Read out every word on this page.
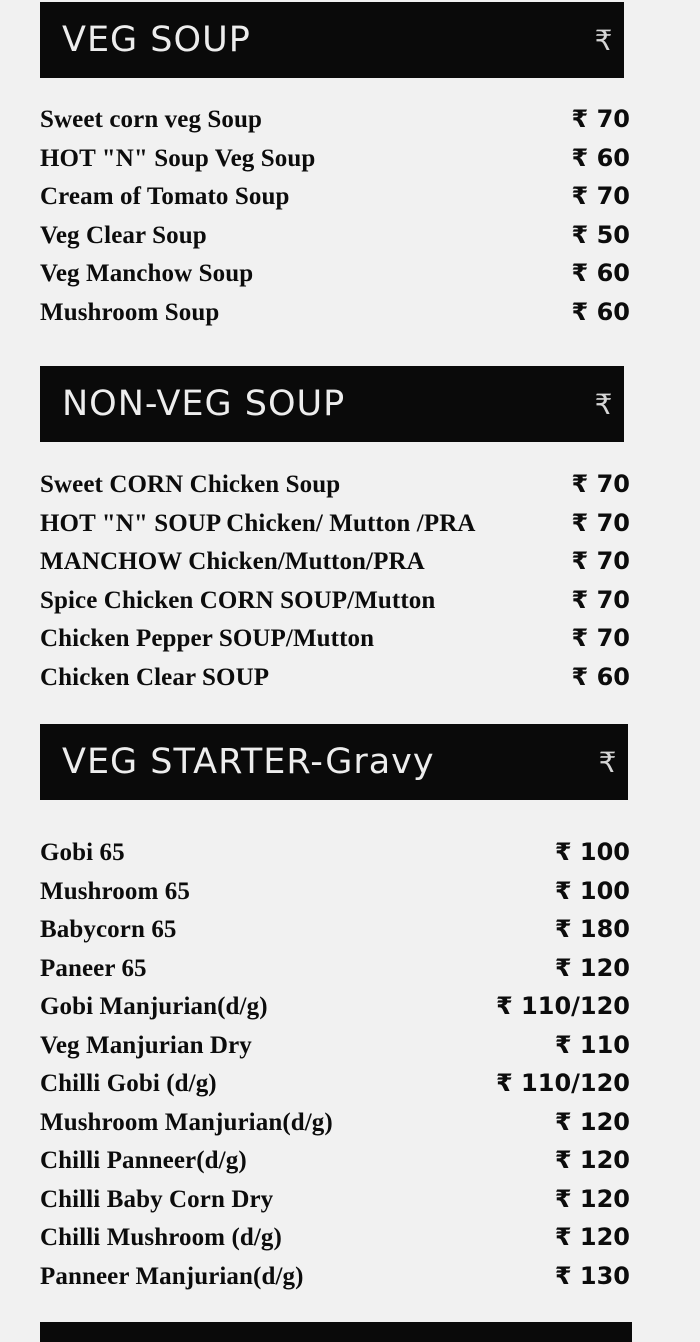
VEG SOUP	₹
Sweet corn veg Soup	₹ 70
HOT "N" Soup Veg Soup	₹ 60
Cream of Tomato Soup	₹ 70
Veg Clear Soup	₹ 50
Veg Manchow Soup	₹ 60
Mushroom Soup	₹ 60
NON-VEG SOUP	₹
Sweet CORN Chicken Soup	₹ 70
HOT "N" SOUP Chicken/ Mutton /PRA	₹ 70
MANCHOW Chicken/Mutton/PRA	₹ 70
Spice Chicken CORN SOUP/Mutton	₹ 70
Chicken Pepper SOUP/Mutton	₹ 70
Chicken Clear SOUP	₹ 60
VEG STARTER-Gravy	₹
Gobi 65	₹ 100
Mushroom 65	₹ 100
Babycorn 65	₹ 180
Paneer 65	₹ 120
Gobi Manjurian(d/g)	₹ 110/120
Veg Manjurian Dry	₹ 110
Chilli Gobi (d/g)	₹ 110/120
Mushroom Manjurian(d/g)	₹ 120
Chilli Panneer(d/g)	₹ 120
Chilli Baby Corn Dry	₹ 120
Chilli Mushroom (d/g)	₹ 120
Panneer Manjurian(d/g)	₹ 130
